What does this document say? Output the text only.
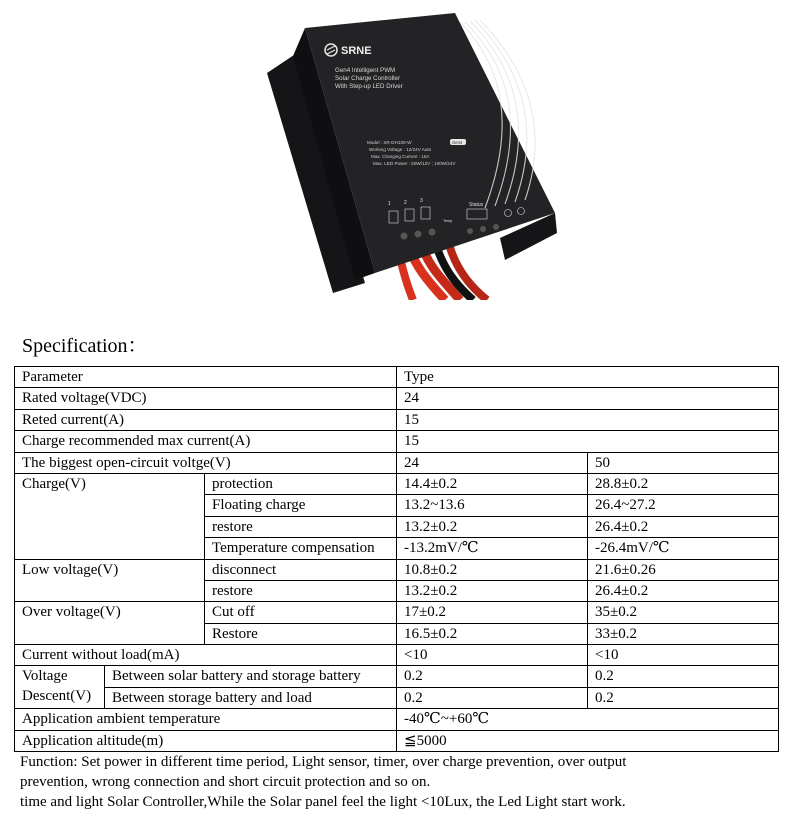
SRNE
Gen4 Intelligent PWM Solar Charge Controller With Step-up LED Driver
Model : SR-DH100-W Working Voltage : 12/24V Auto Max. Charging Current : 15A Max. LED Power : 50W/12V ; 100W/24V
Gen4
1	2	3
Temp
Status
Specification：
Parameter			Type	
Rated voltage(VDC)			24	
Reted current(A)			15	
Charge recommended max current(A)			15	
The biggest open-circuit voltge(V)			24	50
Charge(V)		protection	14.4±0.2	28.8±0.2
		Floating charge	13.2~13.6	26.4~27.2
		restore	13.2±0.2	26.4±0.2
		Temperature compensation	-13.2mV/℃	-26.4mV/℃
Low voltage(V)		disconnect	10.8±0.2	21.6±0.26
		restore	13.2±0.2	26.4±0.2
Over voltage(V)		Cut off	17±0.2	35±0.2
		Restore	16.5±0.2	33±0.2
Current without load(mA)			<10	<10
Voltage
Descent(V)	Between solar battery and storage battery		0.2	0.2
	Between storage battery and load		0.2	0.2
Application ambient temperature			-40℃~+60℃	
Application altitude(m)			≦5000	

Function: Set power in different time period, Light sensor, timer, over charge prevention, over output

prevention, wrong connection and short circuit protection and so on.

time and light Solar Controller,While the Solar panel feel the light <10Lux, the Led Light start work.
